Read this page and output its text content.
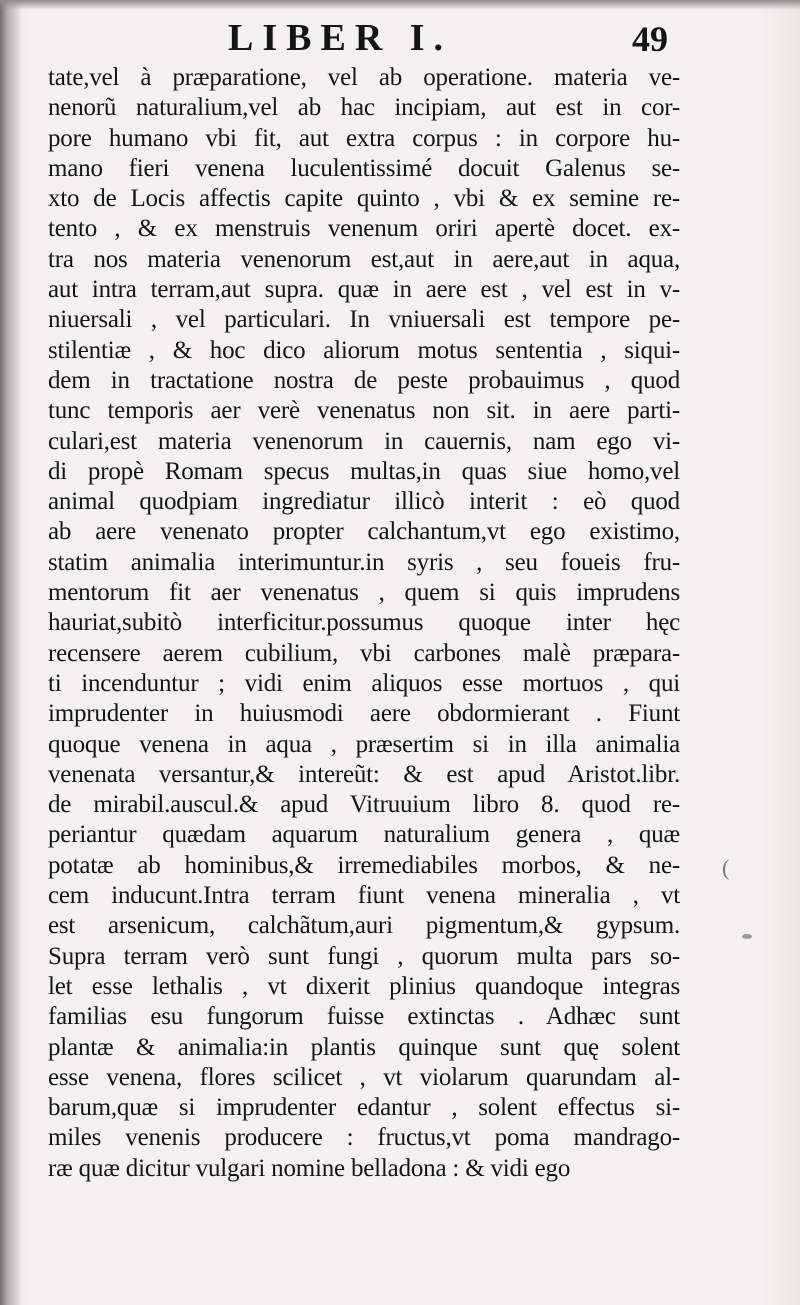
LIBER I.	49
tate,vel à præparatione, vel ab operatione. materia ve-
nenorũ naturalium,vel ab hac incipiam, aut est in cor-
pore humano vbi fit, aut extra corpus : in corpore hu-
mano fieri venena luculentissimé docuit Galenus se-
xto de Locis affectis capite quinto , vbi & ex semine re-
tento , & ex menstruis venenum oriri apertè docet. ex-
tra nos materia venenorum est,aut in aere,aut in aqua,
aut intra terram,aut supra. quæ in aere est , vel est in v-
niuersali , vel particulari. In vniuersali est tempore pe-
stilentiæ , & hoc dico aliorum motus sententia , siqui-
dem in tractatione nostra de peste probauimus , quod
tunc temporis aer verè venenatus non sit. in aere parti-
culari,est materia venenorum in cauernis, nam ego vi-
di propè Romam specus multas,in quas siue homo,vel
animal quodpiam ingrediatur illicò interit : eò quod
ab aere venenato propter calchantum,vt ego existimo,
statim animalia interimuntur.in syris , seu foueis fru-
mentorum fit aer venenatus , quem si quis imprudens
hauriat,subitò interficitur.possumus quoque inter hęc
recensere aerem cubilium, vbi carbones malè præpara-
ti incenduntur ; vidi enim aliquos esse mortuos , qui
imprudenter in huiusmodi aere obdormierant . Fiunt
quoque venena in aqua , præsertim si in illa animalia
venenata versantur,& intereũt: & est apud Aristot.libr.
de mirabil.auscul.& apud Vitruuium libro 8. quod re-
periantur quædam aquarum naturalium genera , quæ
potatæ ab hominibus,& irremediabiles morbos, & ne-
cem inducunt.Intra terram fiunt venena mineralia , vt
est arsenicum, calchãtum,auri pigmentum,& gypsum.
Supra terram verò sunt fungi , quorum multa pars so-
let esse lethalis , vt dixerit plinius quandoque integras
familias esu fungorum fuisse extinctas . Adhæc sunt
plantæ & animalia:in plantis quinque sunt quę solent
esse venena, flores scilicet , vt violarum quarundam al-
barum,quæ si imprudenter edantur , solent effectus si-
miles venenis producere : fructus,vt poma mandrago-
ræ quæ dicitur vulgari nomine belladona : & vidi ego
(
